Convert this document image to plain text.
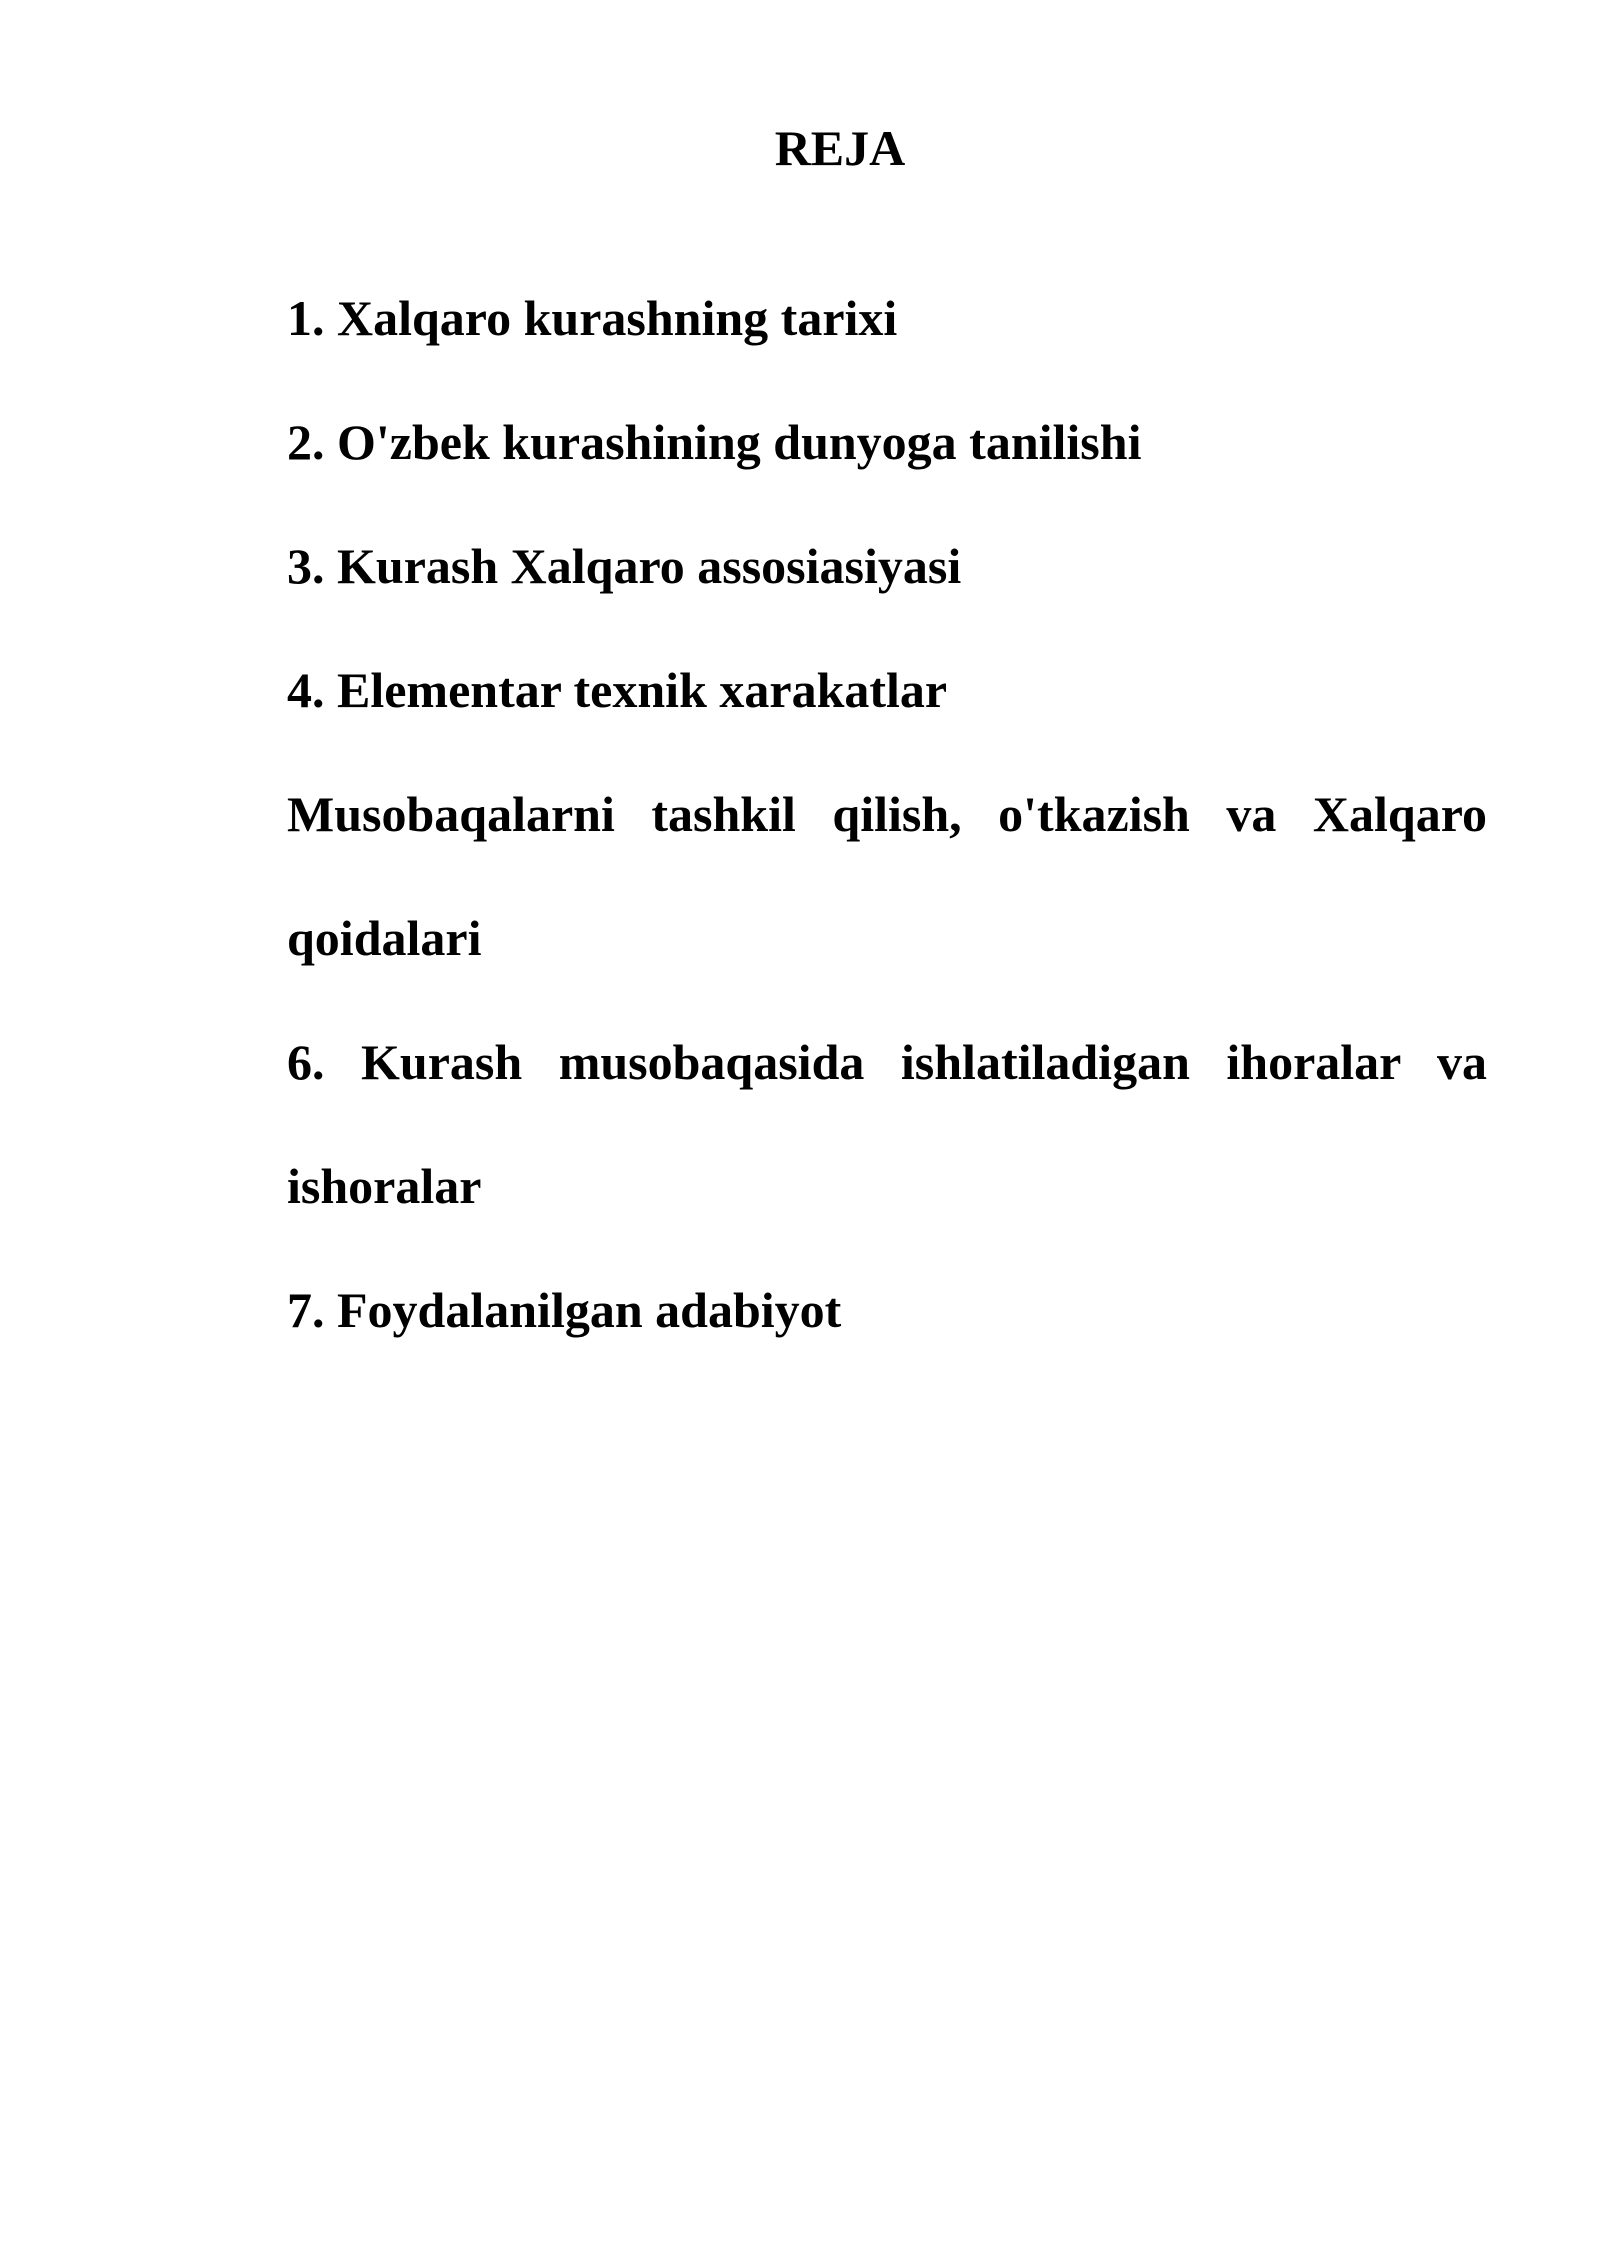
REJA
1. Xalqaro kurashning tarixi
2. O'zbek kurashining dunyoga tanilishi
3. Kurash Xalqaro assosiasiyasi
4. Elementar texnik xarakatlar
Musobaqalarni tashkil qilish, o'tkazish va Xalqaro qoidalari
6. Kurash musobaqasida ishlatiladigan ihoralar va ishoralar
7. Foydalanilgan adabiyot
